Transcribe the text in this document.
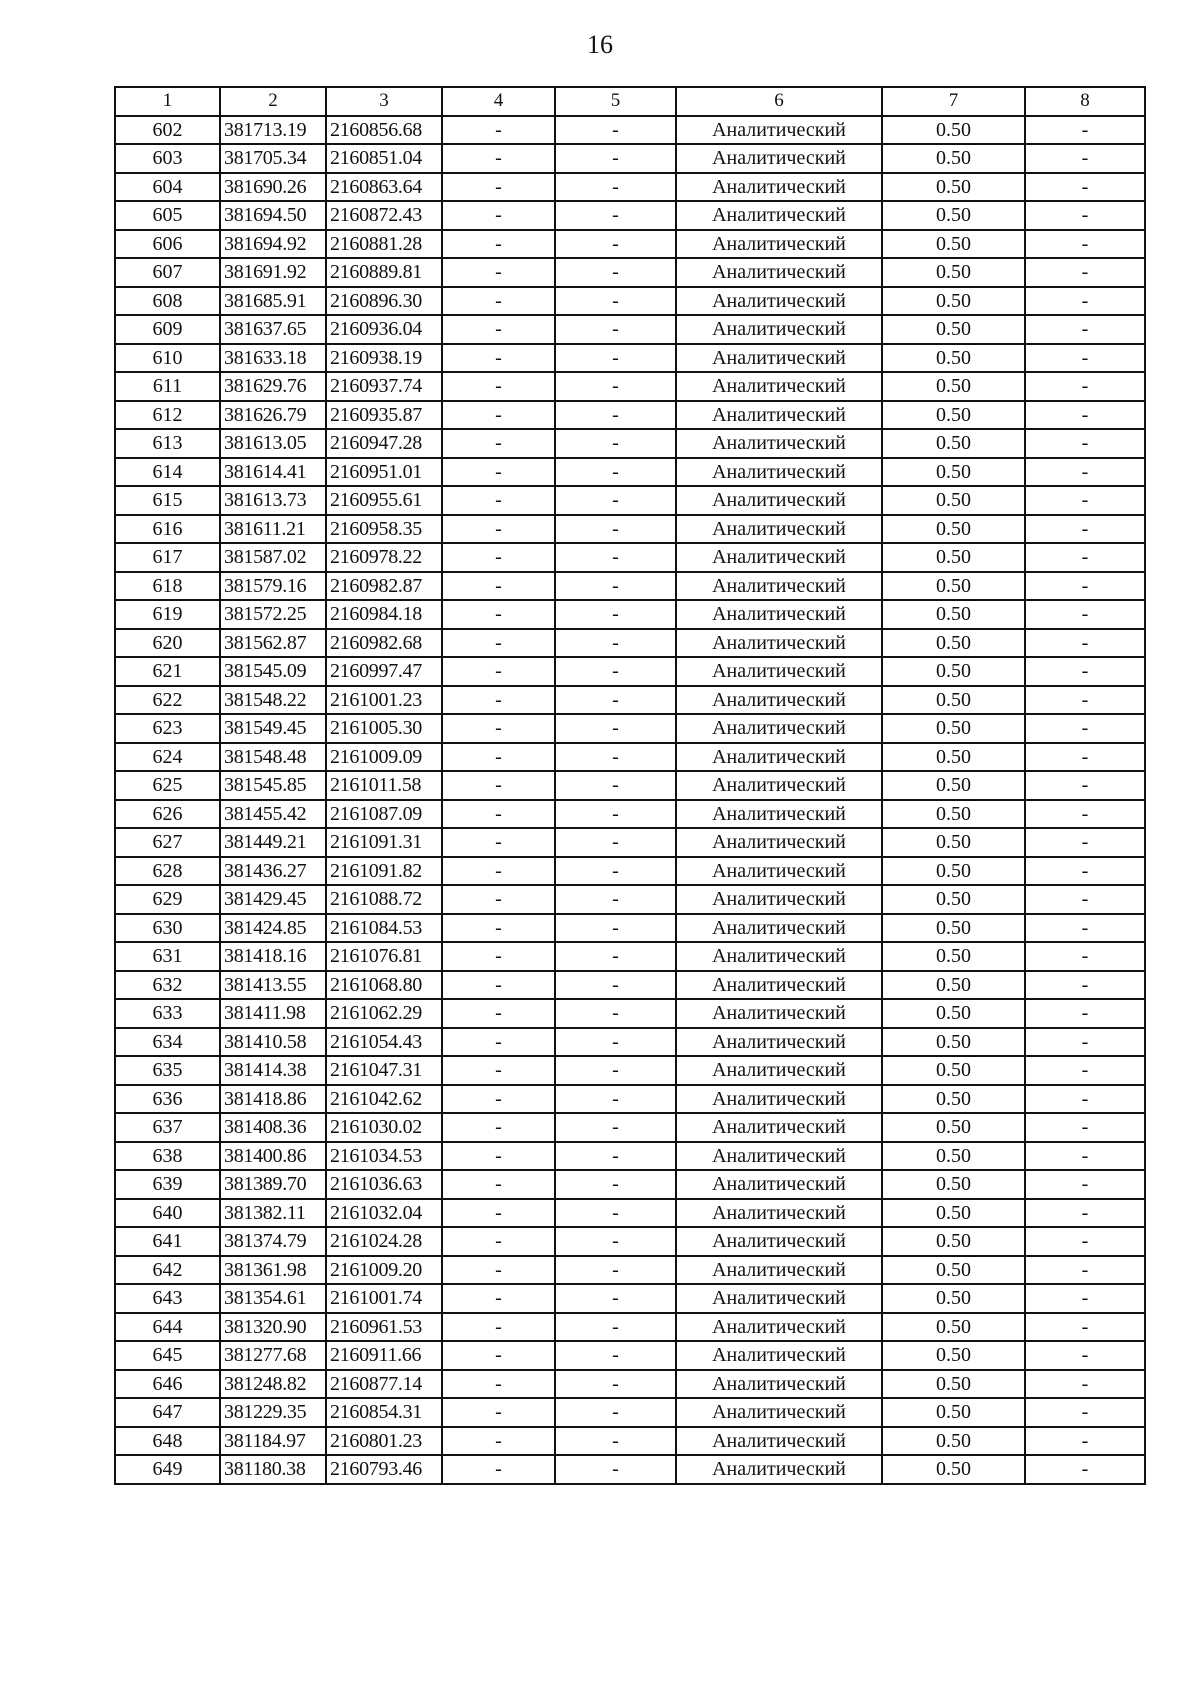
16
1	2	3	4	5	6	7	8
602	381713.19	2160856.68	-	-	Аналитический	0.50	-
603	381705.34	2160851.04	-	-	Аналитический	0.50	-
604	381690.26	2160863.64	-	-	Аналитический	0.50	-
605	381694.50	2160872.43	-	-	Аналитический	0.50	-
606	381694.92	2160881.28	-	-	Аналитический	0.50	-
607	381691.92	2160889.81	-	-	Аналитический	0.50	-
608	381685.91	2160896.30	-	-	Аналитический	0.50	-
609	381637.65	2160936.04	-	-	Аналитический	0.50	-
610	381633.18	2160938.19	-	-	Аналитический	0.50	-
611	381629.76	2160937.74	-	-	Аналитический	0.50	-
612	381626.79	2160935.87	-	-	Аналитический	0.50	-
613	381613.05	2160947.28	-	-	Аналитический	0.50	-
614	381614.41	2160951.01	-	-	Аналитический	0.50	-
615	381613.73	2160955.61	-	-	Аналитический	0.50	-
616	381611.21	2160958.35	-	-	Аналитический	0.50	-
617	381587.02	2160978.22	-	-	Аналитический	0.50	-
618	381579.16	2160982.87	-	-	Аналитический	0.50	-
619	381572.25	2160984.18	-	-	Аналитический	0.50	-
620	381562.87	2160982.68	-	-	Аналитический	0.50	-
621	381545.09	2160997.47	-	-	Аналитический	0.50	-
622	381548.22	2161001.23	-	-	Аналитический	0.50	-
623	381549.45	2161005.30	-	-	Аналитический	0.50	-
624	381548.48	2161009.09	-	-	Аналитический	0.50	-
625	381545.85	2161011.58	-	-	Аналитический	0.50	-
626	381455.42	2161087.09	-	-	Аналитический	0.50	-
627	381449.21	2161091.31	-	-	Аналитический	0.50	-
628	381436.27	2161091.82	-	-	Аналитический	0.50	-
629	381429.45	2161088.72	-	-	Аналитический	0.50	-
630	381424.85	2161084.53	-	-	Аналитический	0.50	-
631	381418.16	2161076.81	-	-	Аналитический	0.50	-
632	381413.55	2161068.80	-	-	Аналитический	0.50	-
633	381411.98	2161062.29	-	-	Аналитический	0.50	-
634	381410.58	2161054.43	-	-	Аналитический	0.50	-
635	381414.38	2161047.31	-	-	Аналитический	0.50	-
636	381418.86	2161042.62	-	-	Аналитический	0.50	-
637	381408.36	2161030.02	-	-	Аналитический	0.50	-
638	381400.86	2161034.53	-	-	Аналитический	0.50	-
639	381389.70	2161036.63	-	-	Аналитический	0.50	-
640	381382.11	2161032.04	-	-	Аналитический	0.50	-
641	381374.79	2161024.28	-	-	Аналитический	0.50	-
642	381361.98	2161009.20	-	-	Аналитический	0.50	-
643	381354.61	2161001.74	-	-	Аналитический	0.50	-
644	381320.90	2160961.53	-	-	Аналитический	0.50	-
645	381277.68	2160911.66	-	-	Аналитический	0.50	-
646	381248.82	2160877.14	-	-	Аналитический	0.50	-
647	381229.35	2160854.31	-	-	Аналитический	0.50	-
648	381184.97	2160801.23	-	-	Аналитический	0.50	-
649	381180.38	2160793.46	-	-	Аналитический	0.50	-
